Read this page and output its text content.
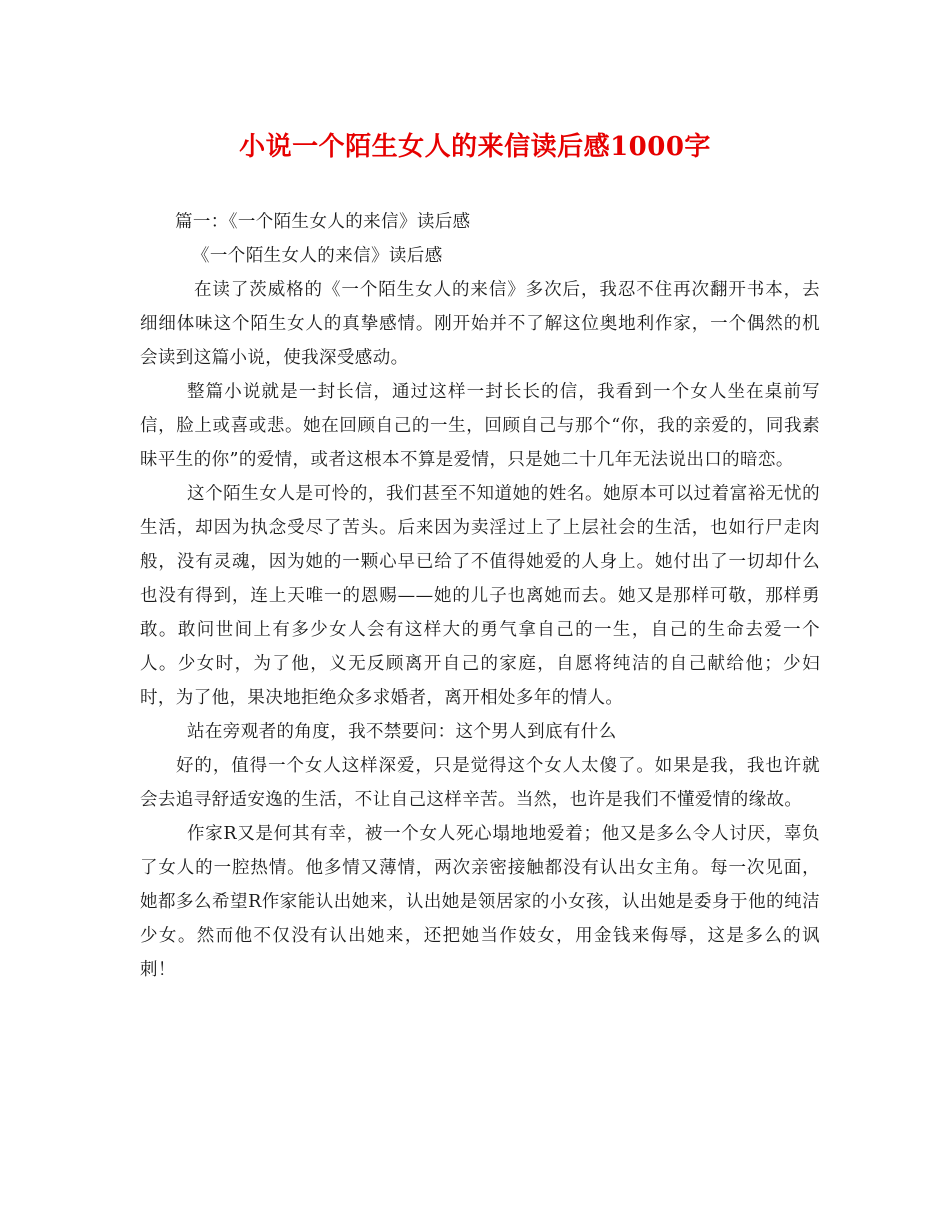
小说一个陌生女人的来信读后感1000字

篇一：《一个陌生女人的来信》读后感

《一个陌生女人的来信》读后感

在读了茨威格的《一个陌生女人的来信》多次后，我忍不住再次翻开书本，去细细体味这个陌生女人的真挚感情。刚开始并不了解这位奥地利作家，一个偶然的机会读到这篇小说，使我深受感动。

整篇小说就是一封长信，通过这样一封长长的信，我看到一个女人坐在桌前写信，脸上或喜或悲。她在回顾自己的一生，回顾自己与那个“你，我的亲爱的，同我素昧平生的你”的爱情，或者这根本不算是爱情，只是她二十几年无法说出口的暗恋。

这个陌生女人是可怜的，我们甚至不知道她的姓名。她原本可以过着富裕无忧的生活，却因为执念受尽了苦头。后来因为卖淫过上了上层社会的生活，也如行尸走肉般，没有灵魂，因为她的一颗心早已给了不值得她爱的人身上。她付出了一切却什么也没有得到，连上天唯一的恩赐——她的儿子也离她而去。她又是那样可敬，那样勇敢。敢问世间上有多少女人会有这样大的勇气拿自己的一生，自己的生命去爱一个人。少女时，为了他，义无反顾离开自己的家庭，自愿将纯洁的自己献给他；少妇时，为了他，果决地拒绝众多求婚者，离开相处多年的情人。

站在旁观者的角度，我不禁要问：这个男人到底有什么

好的，值得一个女人这样深爱，只是觉得这个女人太傻了。如果是我，我也许就会去追寻舒适安逸的生活，不让自己这样辛苦。当然，也许是我们不懂爱情的缘故。

作家R又是何其有幸，被一个女人死心塌地地爱着；他又是多么令人讨厌，辜负了女人的一腔热情。他多情又薄情，两次亲密接触都没有认出女主角。每一次见面，她都多么希望R作家能认出她来，认出她是领居家的小女孩，认出她是委身于他的纯洁少女。然而他不仅没有认出她来，还把她当作妓女，用金钱来侮辱，这是多么的讽刺！
